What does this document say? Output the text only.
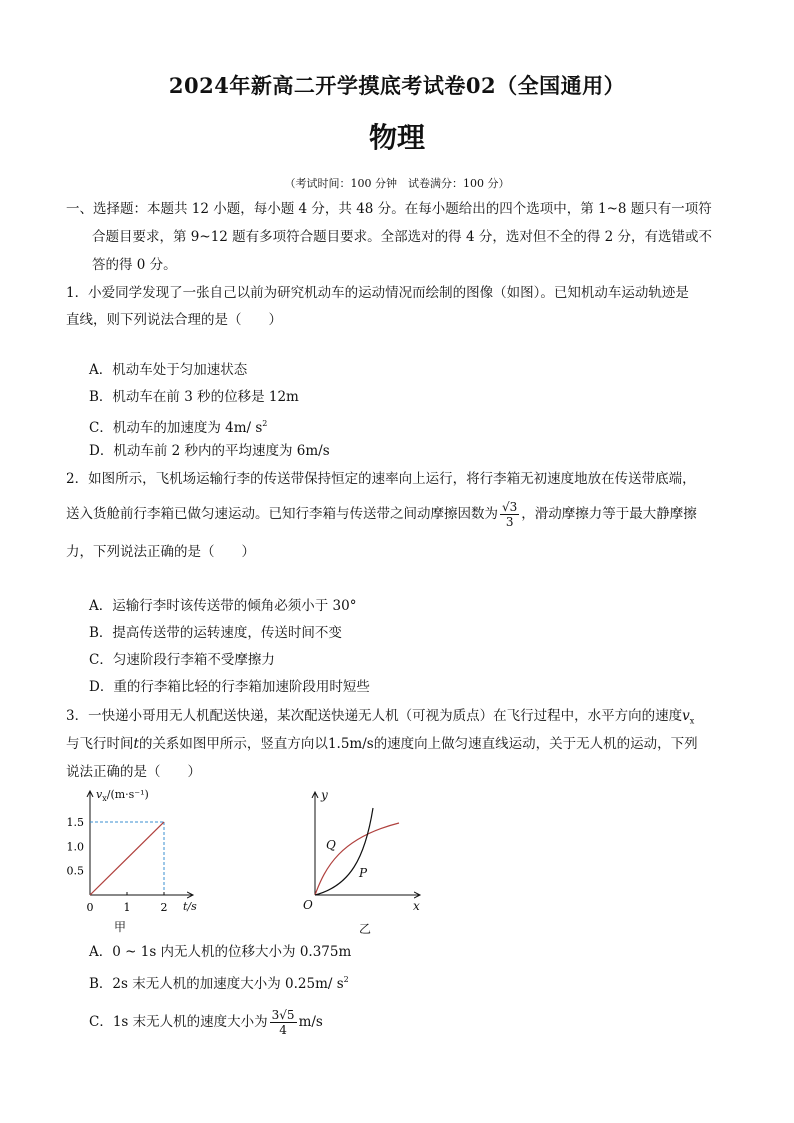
2024年新高二开学摸底考试卷02（全国通用）
物理
（考试时间：100 分钟　试卷满分：100 分）
一、选择题：本题共 12 小题，每小题 4 分，共 48 分。在每小题给出的四个选项中，第 1~8 题只有一项符
合题目要求，第 9~12 题有多项符合题目要求。全部选对的得 4 分，选对但不全的得 2 分，有选错或不
答的得 0 分。
1．小爱同学发现了一张自己以前为研究机动车的运动情况而绘制的图像（如图）。已知机动车运动轨迹是
直线，则下列说法合理的是（　　）
A．机动车处于匀加速状态
B．机动车在前 3 秒的位移是 12m
C．机动车的加速度为 4m/ $s^2$
D．机动车前 2 秒内的平均速度为 6m/s
2．如图所示，飞机场运输行李的传送带保持恒定的速率向上运行，将行李箱无初速度地放在传送带底端，
送入货舱前行李箱已做匀速运动。已知行李箱与传送带之间动摩擦因数为 $\frac{√3}{3}$ ，滑动摩擦力等于最大静摩擦
力，下列说法正确的是（　　）
A．运输行李时该传送带的倾角必须小于 30°
B．提高传送带的运转速度，传送时间不变
C．匀速阶段行李箱不受摩擦力
D．重的行李箱比轻的行李箱加速阶段用时短些
3．一快递小哥用无人机配送快递，某次配送快递无人机（可视为质点）在飞行过程中，水平方向的速度$v_x$
与飞行时间t的关系如图甲所示，竖直方向以1.5m/s的速度向上做匀速直线运动，关于无人机的运动，下列
说法正确的是（　　）
1.5
1.0
0.5
0	1	2
$v_x/(m\cdot s^{-1})$
t/s
甲
y
x
O
Q
P
乙
A．0 ~ 1s 内无人机的位移大小为 0.375m
B．2s 末无人机的加速度大小为 0.25m/ $s^2$
C．1s 末无人机的速度大小为 $\frac{3√5}{4} m/s$
